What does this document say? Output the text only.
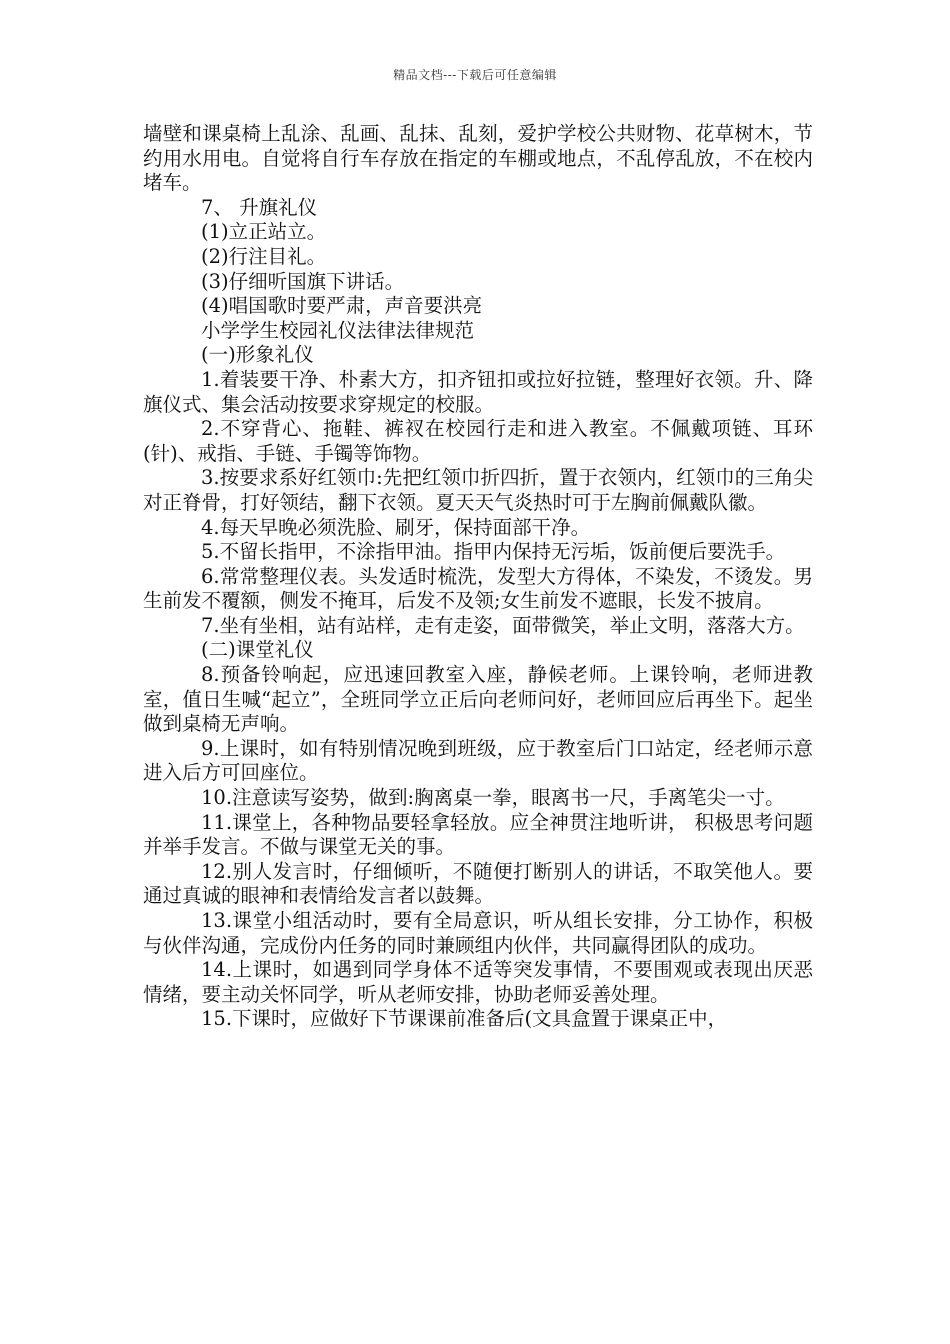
精品文档---下载后可任意编辑

墙壁和课桌椅上乱涂、乱画、乱抹、乱刻，爱护学校公共财物、花草树木，节约用水用电。自觉将自行车存放在指定的车棚或地点，不乱停乱放，不在校内堵车。

7、 升旗礼仪

(1)立正站立。

(2)行注目礼。

(3)仔细听国旗下讲话。

(4)唱国歌时要严肃，声音要洪亮

小学学生校园礼仪法律法律规范

(一)形象礼仪

1.着装要干净、朴素大方，扣齐钮扣或拉好拉链，整理好衣领。升、降旗仪式、集会活动按要求穿规定的校服。

2.不穿背心、拖鞋、裤衩在校园行走和进入教室。不佩戴项链、耳环(针)、戒指、手链、手镯等饰物。

3.按要求系好红领巾:先把红领巾折四折，置于衣领内，红领巾的三角尖对正脊骨，打好领结，翻下衣领。夏天天气炎热时可于左胸前佩戴队徽。

4.每天早晚必须洗脸、刷牙，保持面部干净。

5.不留长指甲，不涂指甲油。指甲内保持无污垢，饭前便后要洗手。

6.常常整理仪表。头发适时梳洗，发型大方得体，不染发，不烫发。男生前发不覆额，侧发不掩耳，后发不及领;女生前发不遮眼，长发不披肩。

7.坐有坐相，站有站样，走有走姿，面带微笑，举止文明，落落大方。

(二)课堂礼仪

8.预备铃响起，应迅速回教室入座，静候老师。上课铃响，老师进教室，值日生喊“起立”，全班同学立正后向老师问好，老师回应后再坐下。起坐做到桌椅无声响。

9.上课时，如有特别情况晚到班级，应于教室后门口站定，经老师示意进入后方可回座位。

10.注意读写姿势，做到:胸离桌一拳，眼离书一尺，手离笔尖一寸。

11.课堂上，各种物品要轻拿轻放。应全神贯注地听讲， 积极思考问题并举手发言。不做与课堂无关的事。

12.别人发言时，仔细倾听，不随便打断别人的讲话，不取笑他人。要通过真诚的眼神和表情给发言者以鼓舞。

13.课堂小组活动时，要有全局意识，听从组长安排，分工协作，积极与伙伴沟通，完成份内任务的同时兼顾组内伙伴，共同赢得团队的成功。

14.上课时，如遇到同学身体不适等突发事情，不要围观或表现出厌恶情绪，要主动关怀同学，听从老师安排，协助老师妥善处理。

15.下课时，应做好下节课课前准备后(文具盒置于课桌正中，
